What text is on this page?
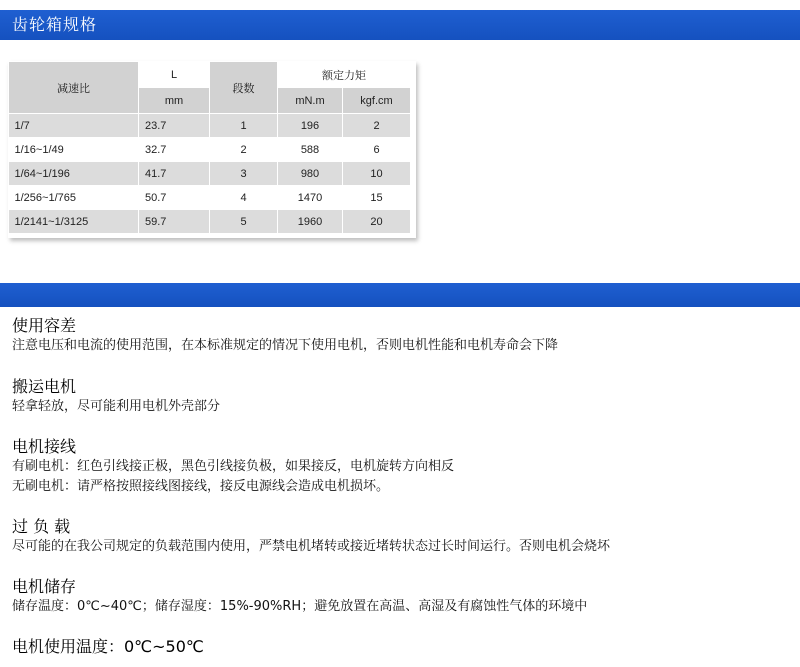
齿轮箱规格
减速比	L	段数	额定力矩	
	mm		mN.m	kgf.cm
1/7	23.7	1	196	2
1/16~1/49	32.7	2	588	6
1/64~1/196	41.7	3	980	10
1/256~1/765	50.7	4	1470	15
1/2141~1/3125	59.7	5	1960	20
使用容差

注意电压和电流的使用范围，在本标准规定的情况下使用电机，否则电机性能和电机寿命会下降

搬运电机

轻拿轻放，尽可能利用电机外壳部分

电机接线

有刷电机：红色引线接正极，黑色引线接负极，如果接反，电机旋转方向相反

无刷电机：请严格按照接线图接线，接反电源线会造成电机损坏。

过 负 载

尽可能的在我公司规定的负载范围内使用，严禁电机堵转或接近堵转状态过长时间运行。否则电机会烧坏

电机储存

储存温度：0℃~40℃；储存湿度：15%-90%RH；避免放置在高温、高湿及有腐蚀性气体的环境中

电机使用温度：0℃~50℃
